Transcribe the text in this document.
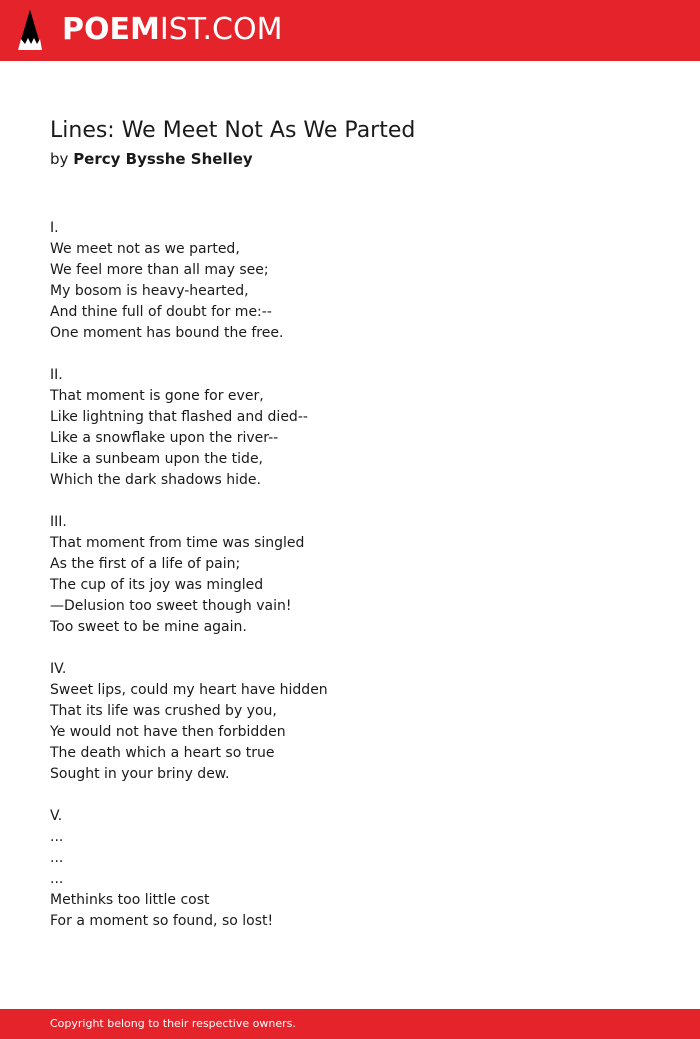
POEMIST.COM
Lines: We Meet Not As We Parted
by Percy Bysshe Shelley
I.
We meet not as we parted,
We feel more than all may see;
My bosom is heavy-hearted,
And thine full of doubt for me:--
One moment has bound the free.
II.
That moment is gone for ever,
Like lightning that flashed and died--
Like a snowflake upon the river--
Like a sunbeam upon the tide,
Which the dark shadows hide.
III.
That moment from time was singled
As the first of a life of pain;
The cup of its joy was mingled
—Delusion too sweet though vain!
Too sweet to be mine again.
IV.
Sweet lips, could my heart have hidden
That its life was crushed by you,
Ye would not have then forbidden
The death which a heart so true
Sought in your briny dew.
V.
...
...
...
Methinks too little cost
For a moment so found, so lost!
Copyright belong to their respective owners.
